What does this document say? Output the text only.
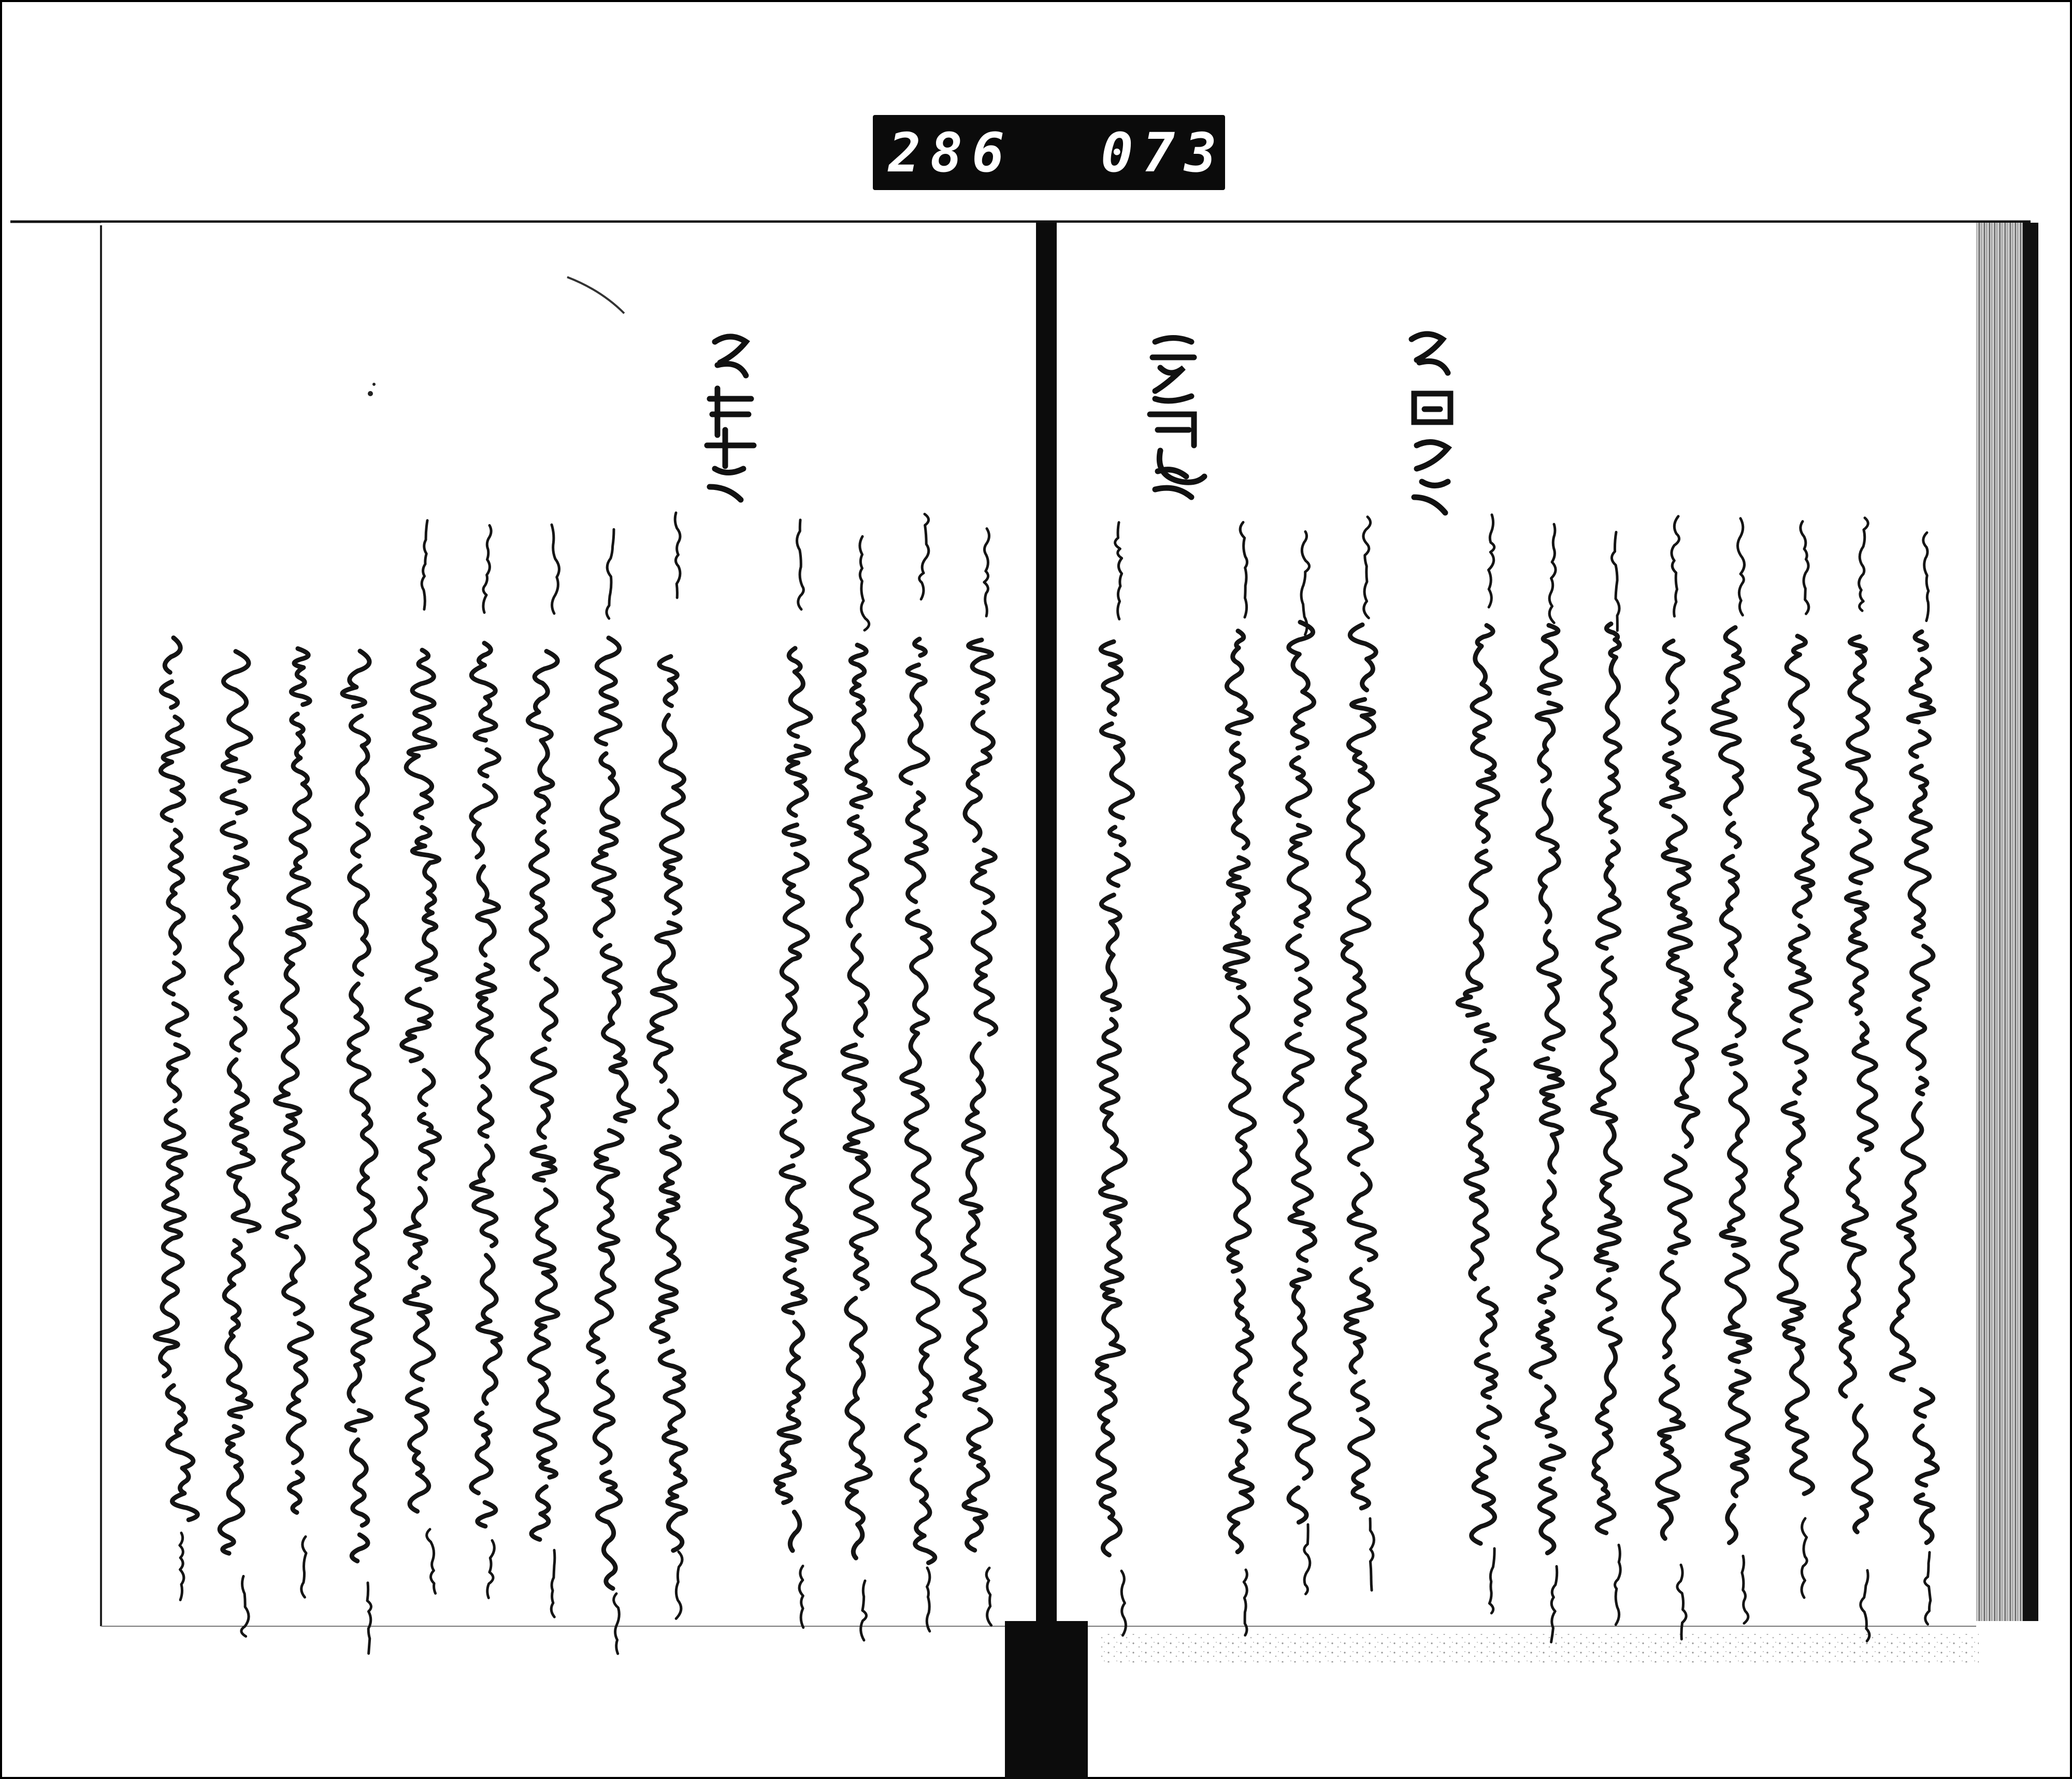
286 073.
